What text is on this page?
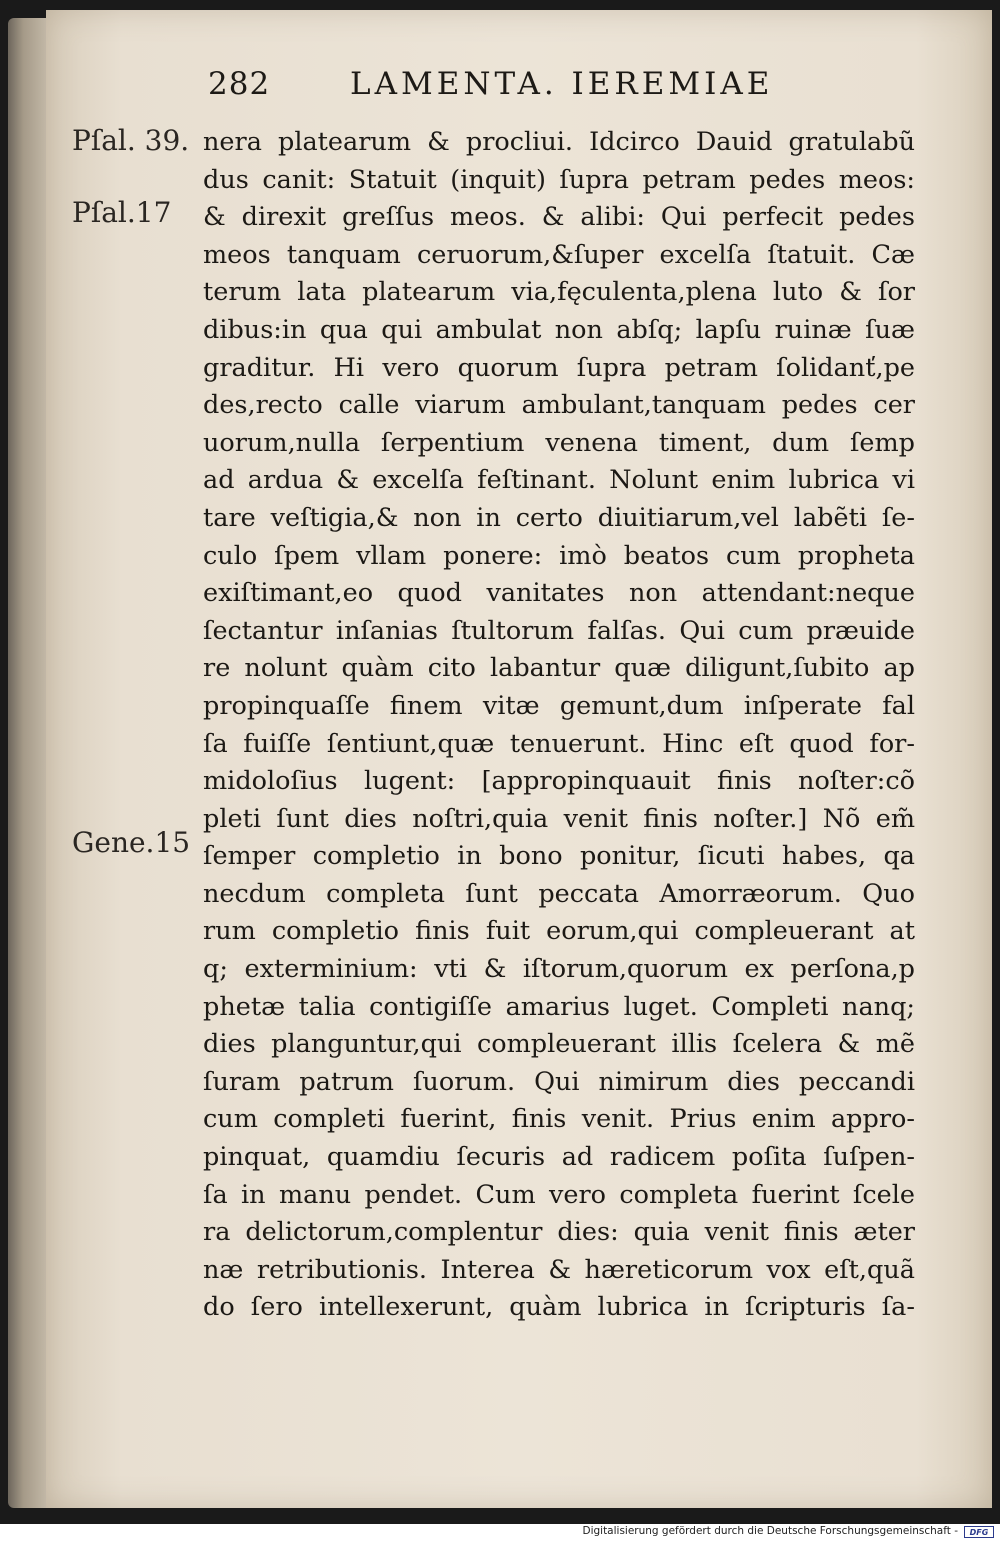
282	LAMENTA. IEREMIAE
Pſal. 39.
Pſal.17
Gene.15
nera platearum & procliui. Idcirco Dauid gratulabũ
dus canit: Statuit (inquit) ſupra petram pedes meos:
& direxit greſſus meos. & alibi: Qui perfecit pedes
meos tanquam ceruorum,&ſuper excelſa ſtatuit. Cæ
terum lata platearum via,fęculenta,plena luto & ſor
dibus:in qua qui ambulat non abſq; lapſu ruinæ ſuæ
graditur. Hi vero quorum ſupra petram ſolidanť,pe
des,recto calle viarum ambulant,tanquam pedes cer
uorum,nulla ſerpentium venena timent, dum ſemp
ad ardua & excelſa feſtinant. Nolunt enim lubrica vi
tare veſtigia,& non in certo diuitiarum,vel labẽti ſe-
culo ſpem vllam ponere: imò beatos cum propheta
exiſtimant,eo quod vanitates non attendant:neque
ſectantur inſanias ſtultorum falſas. Qui cum præuide
re nolunt quàm cito labantur quæ diligunt,ſubito ap
propinquaſſe finem vitæ gemunt,dum inſperate fal
ſa fuiſſe ſentiunt,quæ tenuerunt. Hinc eſt quod for-
midoloſius lugent: [appropinquauit finis noſter:cõ
pleti ſunt dies noſtri,quia venit finis noſter.] Nõ em̃
ſemper completio in bono ponitur, ſicuti habes, qa
necdum completa ſunt peccata Amorræorum. Quo
rum completio finis fuit eorum,qui compleuerant at
q; exterminium: vti & iſtorum,quorum ex perſona,p
phetæ talia contigiſſe amarius luget. Completi nanq;
dies planguntur,qui compleuerant illis ſcelera & mẽ
ſuram patrum ſuorum. Qui nimirum dies peccandi
cum completi fuerint, finis venit. Prius enim appro-
pinquat, quamdiu ſecuris ad radicem poſita ſuſpen-
ſa in manu pendet. Cum vero completa fuerint ſcele
ra delictorum,complentur dies: quia venit finis æter
næ retributionis. Interea & hæreticorum vox eſt,quã
do ſero intellexerunt, quàm lubrica in ſcripturis ſa-
Digitalisierung gefördert durch die Deutsche Forschungsgemeinschaft -	DFG
